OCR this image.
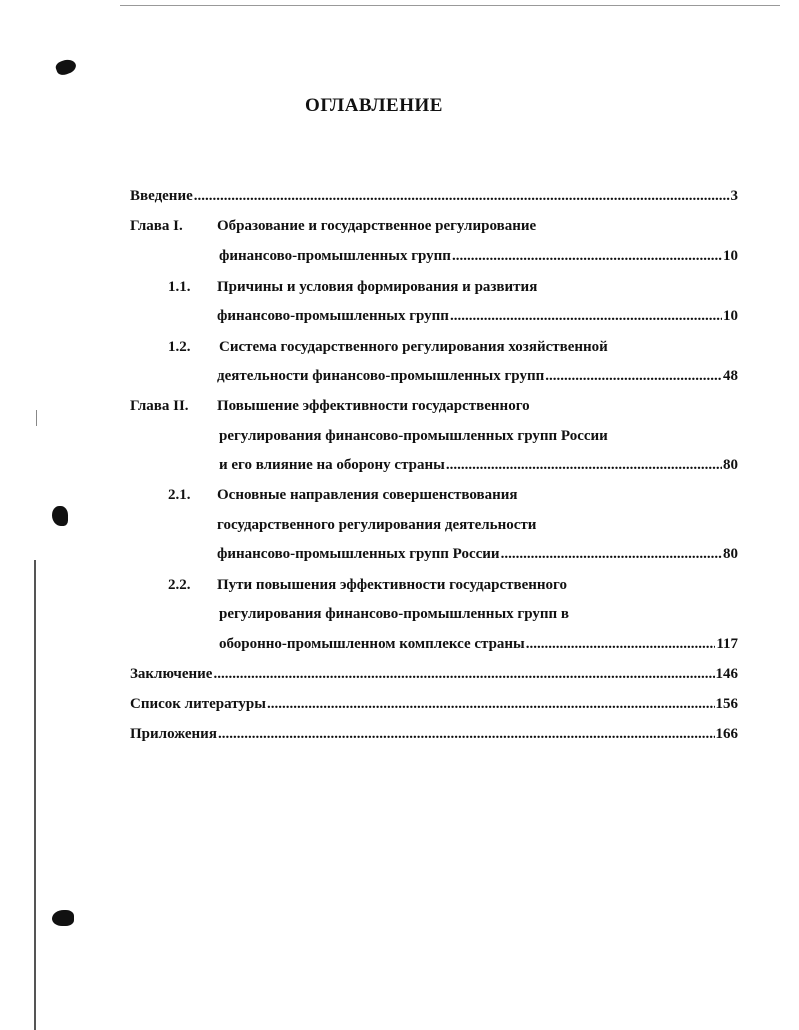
ОГЛАВЛЕНИЕ
Введение .....	3
Глава I.	Образование и государственное регулирование
финансово-промышленных групп .....	10
1.1.	Причины и условия формирования и развития
финансово-промышленных групп .....	10
1.2.	Система государственного регулирования хозяйственной
деятельности финансово-промышленных групп .....	48
Глава II.	Повышение эффективности государственного
регулирования финансово-промышленных групп России
и его влияние на оборону страны .....	80
2.1.	Основные направления совершенствования
государственного регулирования деятельности
финансово-промышленных групп России .....	80
2.2.	Пути повышения эффективности государственного
регулирования финансово-промышленных групп в
оборонно-промышленном комплексе страны .....	117
Заключение .....	146
Список литературы .....	156
Приложения .....	166
